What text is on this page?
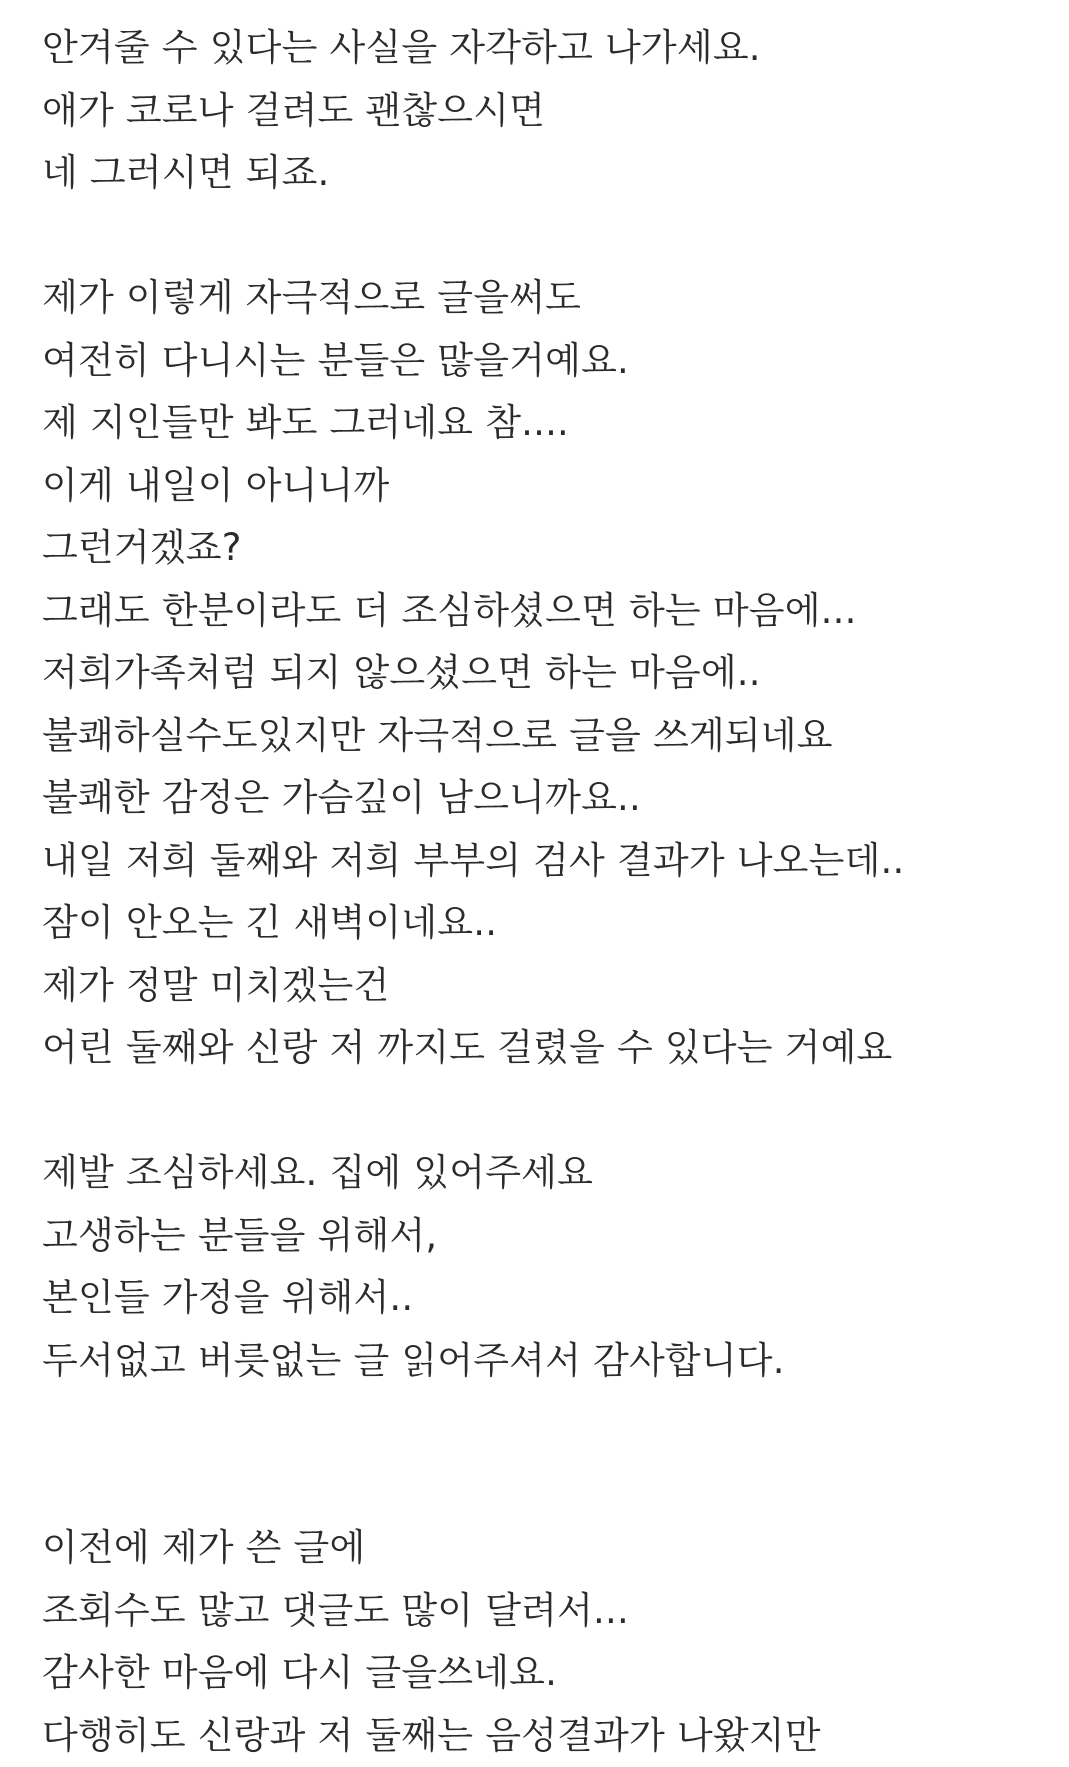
안겨줄 수 있다는 사실을 자각하고 나가세요.
애가 코로나 걸려도 괜찮으시면
네 그러시면 되죠.
제가 이렇게 자극적으로 글을써도
여전히 다니시는 분들은 많을거예요.
제 지인들만 봐도 그러네요 참....
이게 내일이 아니니까
그런거겠죠?
그래도 한분이라도 더 조심하셨으면 하는 마음에...
저희가족처럼 되지 않으셨으면 하는 마음에..
불쾌하실수도있지만 자극적으로 글을 쓰게되네요
불쾌한 감정은 가슴깊이 남으니까요..
내일 저희 둘째와 저희 부부의 검사 결과가 나오는데..
잠이 안오는 긴 새벽이네요..
제가 정말 미치겠는건
어린 둘째와 신랑 저 까지도 걸렸을 수 있다는 거예요
제발 조심하세요. 집에 있어주세요
고생하는 분들을 위해서,
본인들 가정을 위해서..
두서없고 버릇없는 글 읽어주셔서 감사합니다.
이전에 제가 쓴 글에
조회수도 많고 댓글도 많이 달려서...
감사한 마음에 다시 글을쓰네요.
다행히도 신랑과 저 둘째는 음성결과가 나왔지만
